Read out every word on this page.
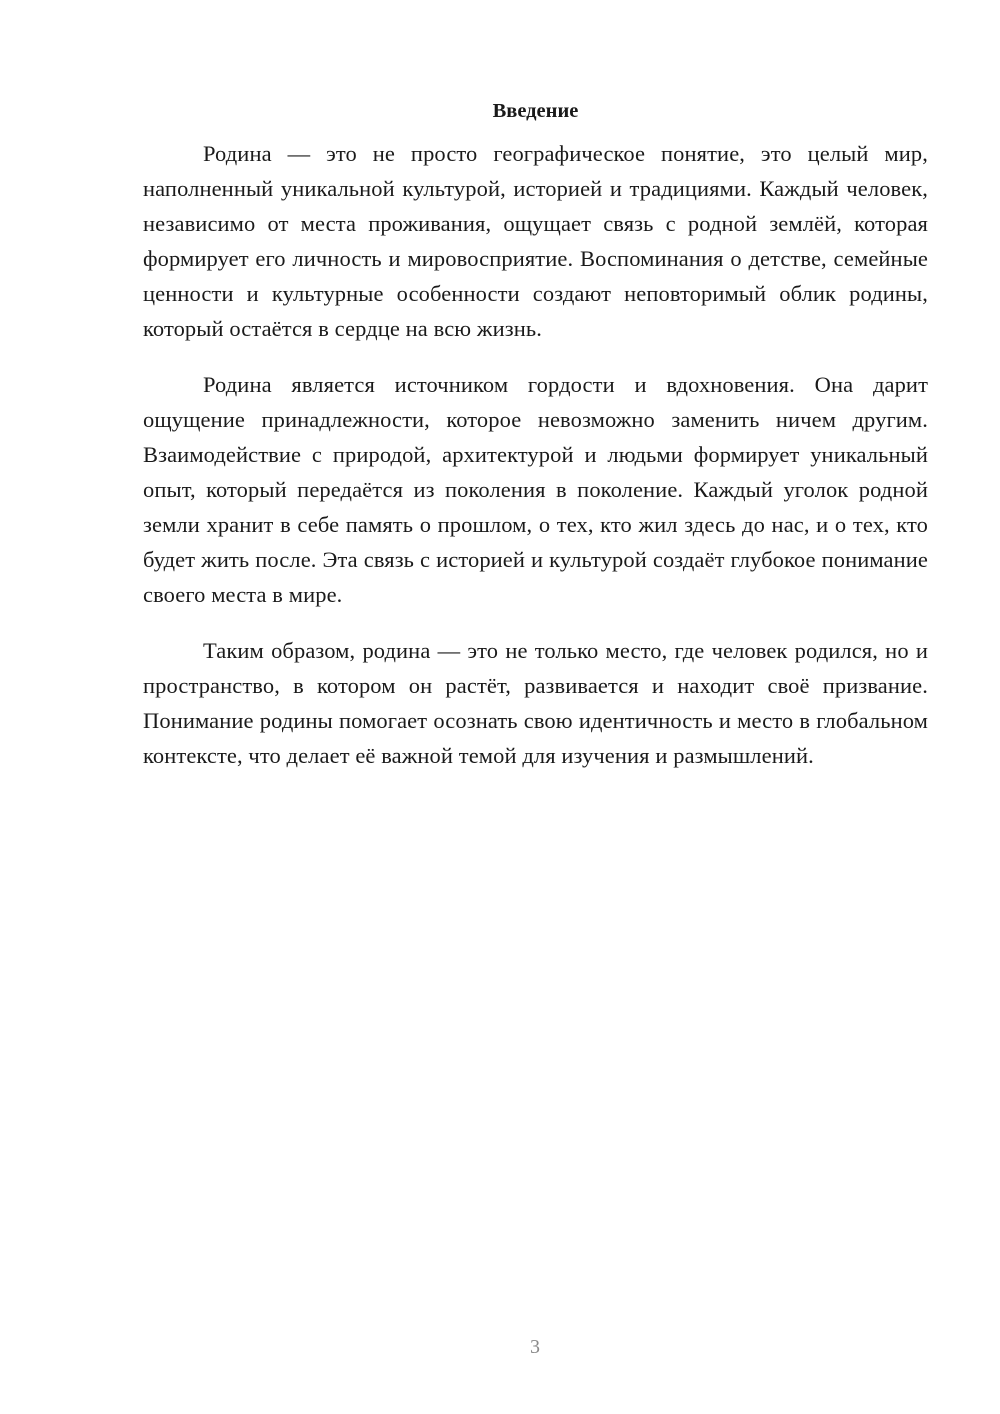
Введение

Родина — это не просто географическое понятие, это целый мир, наполненный уникальной культурой, историей и традициями. Каждый человек, независимо от места проживания, ощущает связь с родной землёй, которая формирует его личность и мировосприятие. Воспоминания о детстве, семейные ценности и культурные особенности создают неповторимый облик родины, который остаётся в сердце на всю жизнь.

Родина является источником гордости и вдохновения. Она дарит ощущение принадлежности, которое невозможно заменить ничем другим. Взаимодействие с природой, архитектурой и людьми формирует уникальный опыт, который передаётся из поколения в поколение. Каждый уголок родной земли хранит в себе память о прошлом, о тех, кто жил здесь до нас, и о тех, кто будет жить после. Эта связь с историей и культурой создаёт глубокое понимание своего места в мире.

Таким образом, родина — это не только место, где человек родился, но и пространство, в котором он растёт, развивается и находит своё призвание. Понимание родины помогает осознать свою идентичность и место в глобальном контексте, что делает её важной темой для изучения и размышлений.

3
